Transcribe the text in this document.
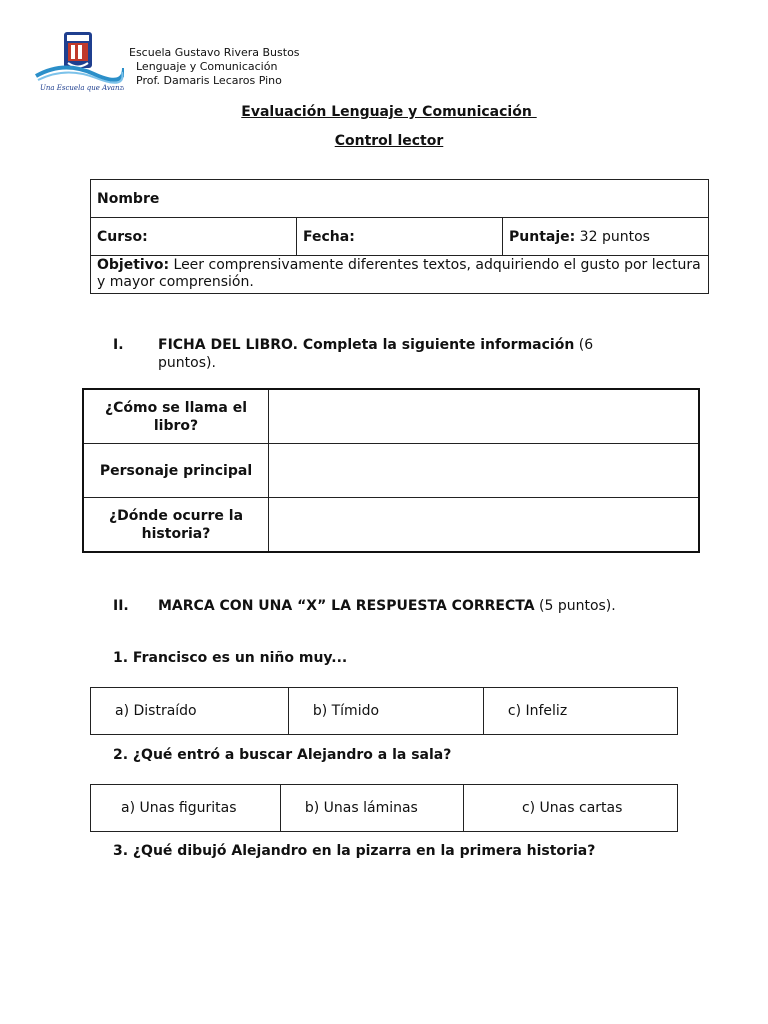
Una Escuela que Avanza
Escuela Gustavo Rivera Bustos
Lenguaje y Comunicación
Prof. Damaris Lecaros Pino
Evaluación Lenguaje y Comunicación
Control lector
Nombre
Curso:	Fecha:	Puntaje: 32 puntos
Objetivo: Leer comprensivamente diferentes textos, adquiriendo el gusto por lectura y mayor comprensión.
I. FICHA DEL LIBRO. Completa la siguiente información (6
puntos).
¿Cómo se llama el libro?	
Personaje principal	
¿Dónde ocurre la historia?	
II. MARCA CON UNA “X” LA RESPUESTA CORRECTA (5 puntos).
1. Francisco es un niño muy...
a) Distraído	b) Tímido	c) Infeliz
2. ¿Qué entró a buscar Alejandro a la sala?
a) Unas figuritas	b) Unas láminas	c) Unas cartas
3. ¿Qué dibujó Alejandro en la pizarra en la primera historia?
